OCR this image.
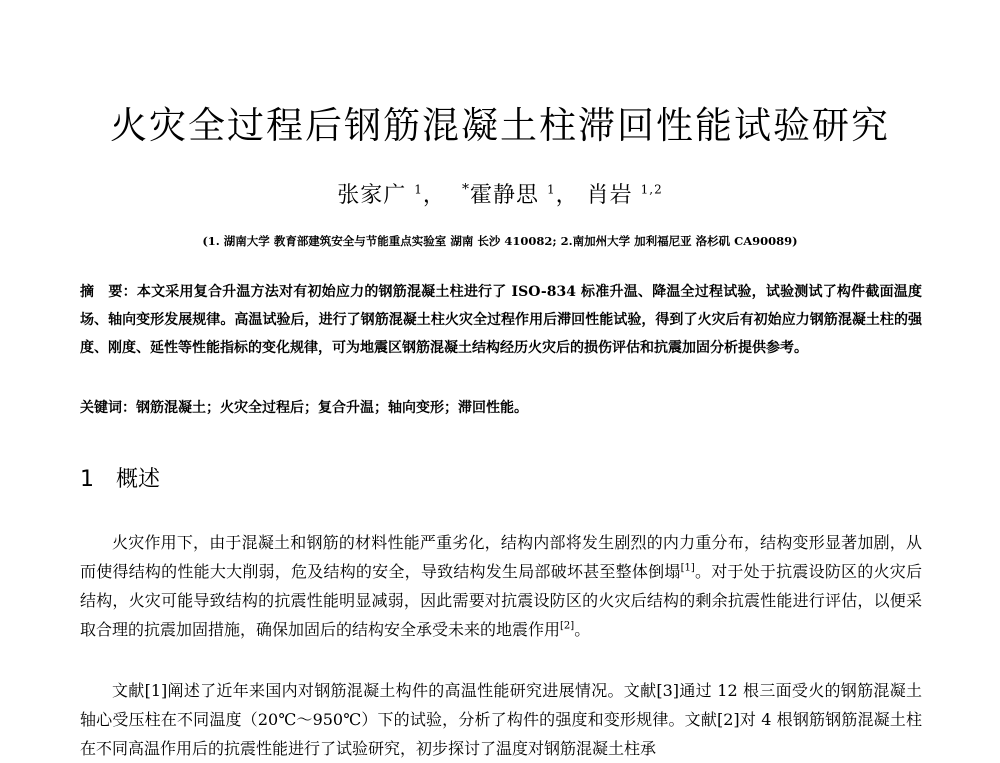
火灾全过程后钢筋混凝土柱滞回性能试验研究
张家广 $^1$， *霍静思 $^1$， 肖岩 $^{1,2}$
(1. 湖南大学 教育部建筑安全与节能重点实验室 湖南 长沙 410082; 2.南加州大学 加利福尼亚 洛杉矶 CA90089)

摘　要：本文采用复合升温方法对有初始应力的钢筋混凝土柱进行了 ISO-834 标准升温、降温全过程试验，试验测试了构件截面温度场、轴向变形发展规律。高温试验后，进行了钢筋混凝土柱火灾全过程作用后滞回性能试验，得到了火灾后有初始应力钢筋混凝土柱的强度、刚度、延性等性能指标的变化规律，可为地震区钢筋混凝土结构经历火灾后的损伤评估和抗震加固分析提供参考。

关键词：钢筋混凝土；火灾全过程后；复合升温；轴向变形；滞回性能。

1 概述

火灾作用下，由于混凝土和钢筋的材料性能严重劣化，结构内部将发生剧烈的内力重分布，结构变形显著加剧，从而使得结构的性能大大削弱，危及结构的安全，导致结构发生局部破坏甚至整体倒塌[1]。对于处于抗震设防区的火灾后结构，火灾可能导致结构的抗震性能明显减弱，因此需要对抗震设防区的火灾后结构的剩余抗震性能进行评估，以便采取合理的抗震加固措施，确保加固后的结构安全承受未来的地震作用[2]。

文献[1]阐述了近年来国内对钢筋混凝土构件的高温性能研究进展情况。文献[3]通过 12 根三面受火的钢筋混凝土轴心受压柱在不同温度（20℃～950℃）下的试验，分析了构件的强度和变形规律。文献[2]对 4 根钢筋钢筋混凝土柱在不同高温作用后的抗震性能进行了试验研究，初步探讨了温度对钢筋混凝土柱承
